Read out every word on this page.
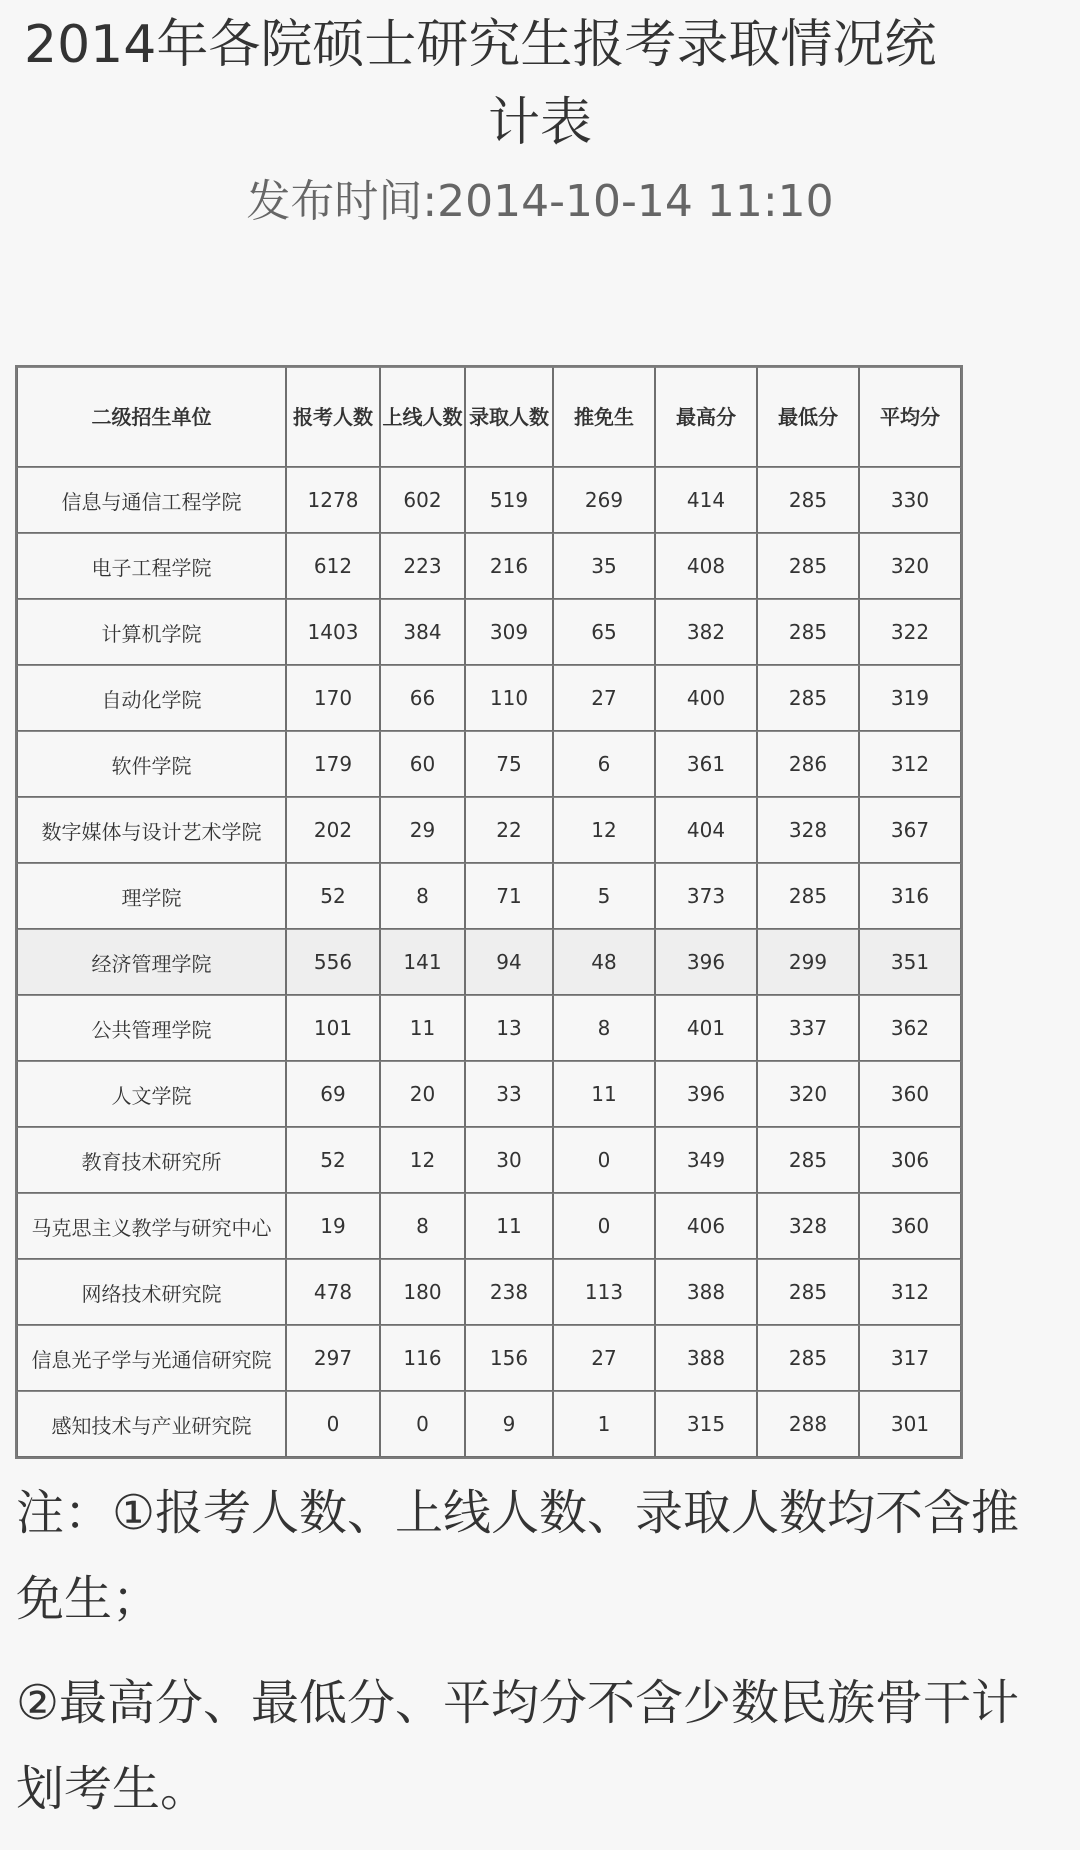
2014年各院硕士研究生报考录取情况统
计表
发布时间:2014-10-14 11:10
二级招生单位	报考人数	上线人数	录取人数	推免生	最高分	最低分	平均分
信息与通信工程学院	1278	602	519	269	414	285	330
电子工程学院	612	223	216	35	408	285	320
计算机学院	1403	384	309	65	382	285	322
自动化学院	170	66	110	27	400	285	319
软件学院	179	60	75	6	361	286	312
数字媒体与设计艺术学院	202	29	22	12	404	328	367
理学院	52	8	71	5	373	285	316
经济管理学院	556	141	94	48	396	299	351
公共管理学院	101	11	13	8	401	337	362
人文学院	69	20	33	11	396	320	360
教育技术研究所	52	12	30	0	349	285	306
马克思主义教学与研究中心	19	8	11	0	406	328	360
网络技术研究院	478	180	238	113	388	285	312
信息光子学与光通信研究院	297	116	156	27	388	285	317
感知技术与产业研究院	0	0	9	1	315	288	301

注：①报考人数、上线人数、录取人数均不含推免生；

②最高分、最低分、平均分不含少数民族骨干计划考生。
